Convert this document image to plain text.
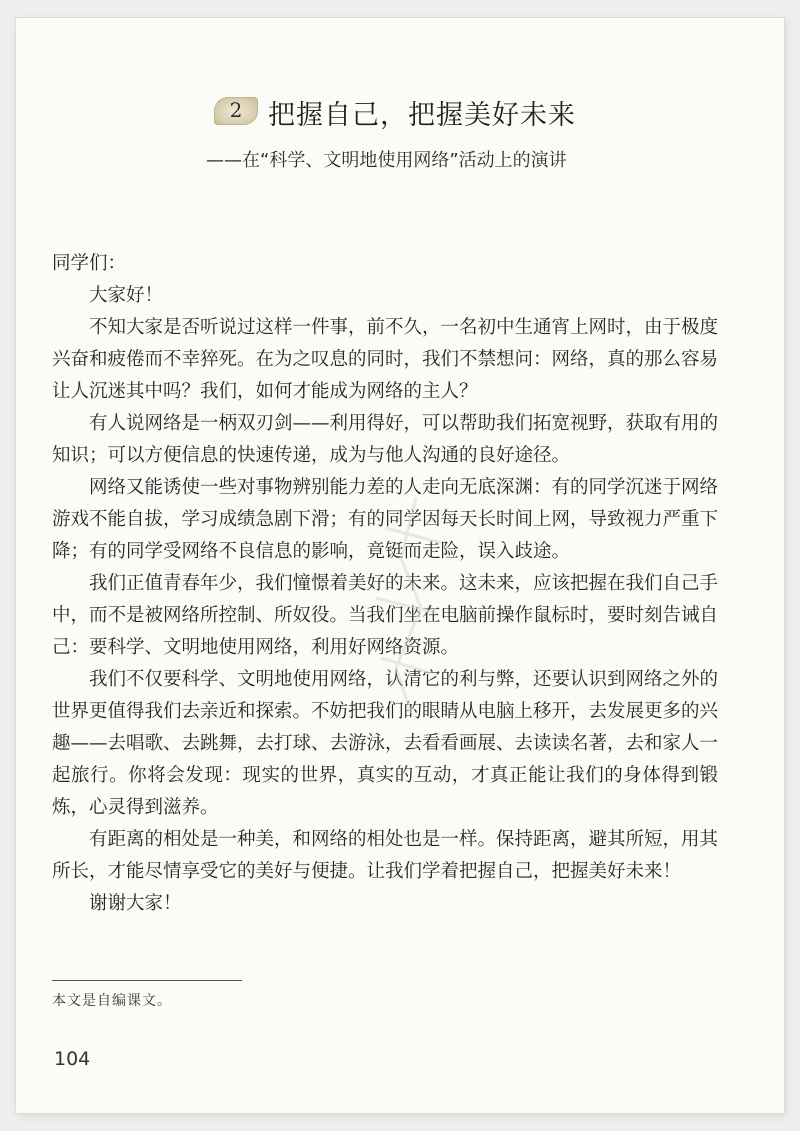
2 把握自己，把握美好未来
——在“科学、文明地使用网络”活动上的演讲
同学们：

大家好！

不知大家是否听说过这样一件事，前不久，一名初中生通宵上网时，由于极度兴奋和疲倦而不幸猝死。在为之叹息的同时，我们不禁想问：网络，真的那么容易让人沉迷其中吗？我们，如何才能成为网络的主人？

有人说网络是一柄双刃剑——利用得好，可以帮助我们拓宽视野，获取有用的知识；可以方便信息的快速传递，成为与他人沟通的良好途径。

网络又能诱使一些对事物辨别能力差的人走向无底深渊：有的同学沉迷于网络游戏不能自拔，学习成绩急剧下滑；有的同学因每天长时间上网，导致视力严重下降；有的同学受网络不良信息的影响，竟铤而走险，误入歧途。

我们正值青春年少，我们憧憬着美好的未来。这未来，应该把握在我们自己手中，而不是被网络所控制、所奴役。当我们坐在电脑前操作鼠标时，要时刻告诫自己：要科学、文明地使用网络，利用好网络资源。

我们不仅要科学、文明地使用网络，认清它的利与弊，还要认识到网络之外的世界更值得我们去亲近和探索。不妨把我们的眼睛从电脑上移开，去发展更多的兴趣——去唱歌、去跳舞，去打球、去游泳，去看看画展、去读读名著，去和家人一起旅行。你将会发现：现实的世界，真实的互动，才真正能让我们的身体得到锻炼，心灵得到滋养。

有距离的相处是一种美，和网络的相处也是一样。保持距离，避其所短，用其所长，才能尽情享受它的美好与便捷。让我们学着把握自己，把握美好未来！

谢谢大家！

本文是自编课文。
104
